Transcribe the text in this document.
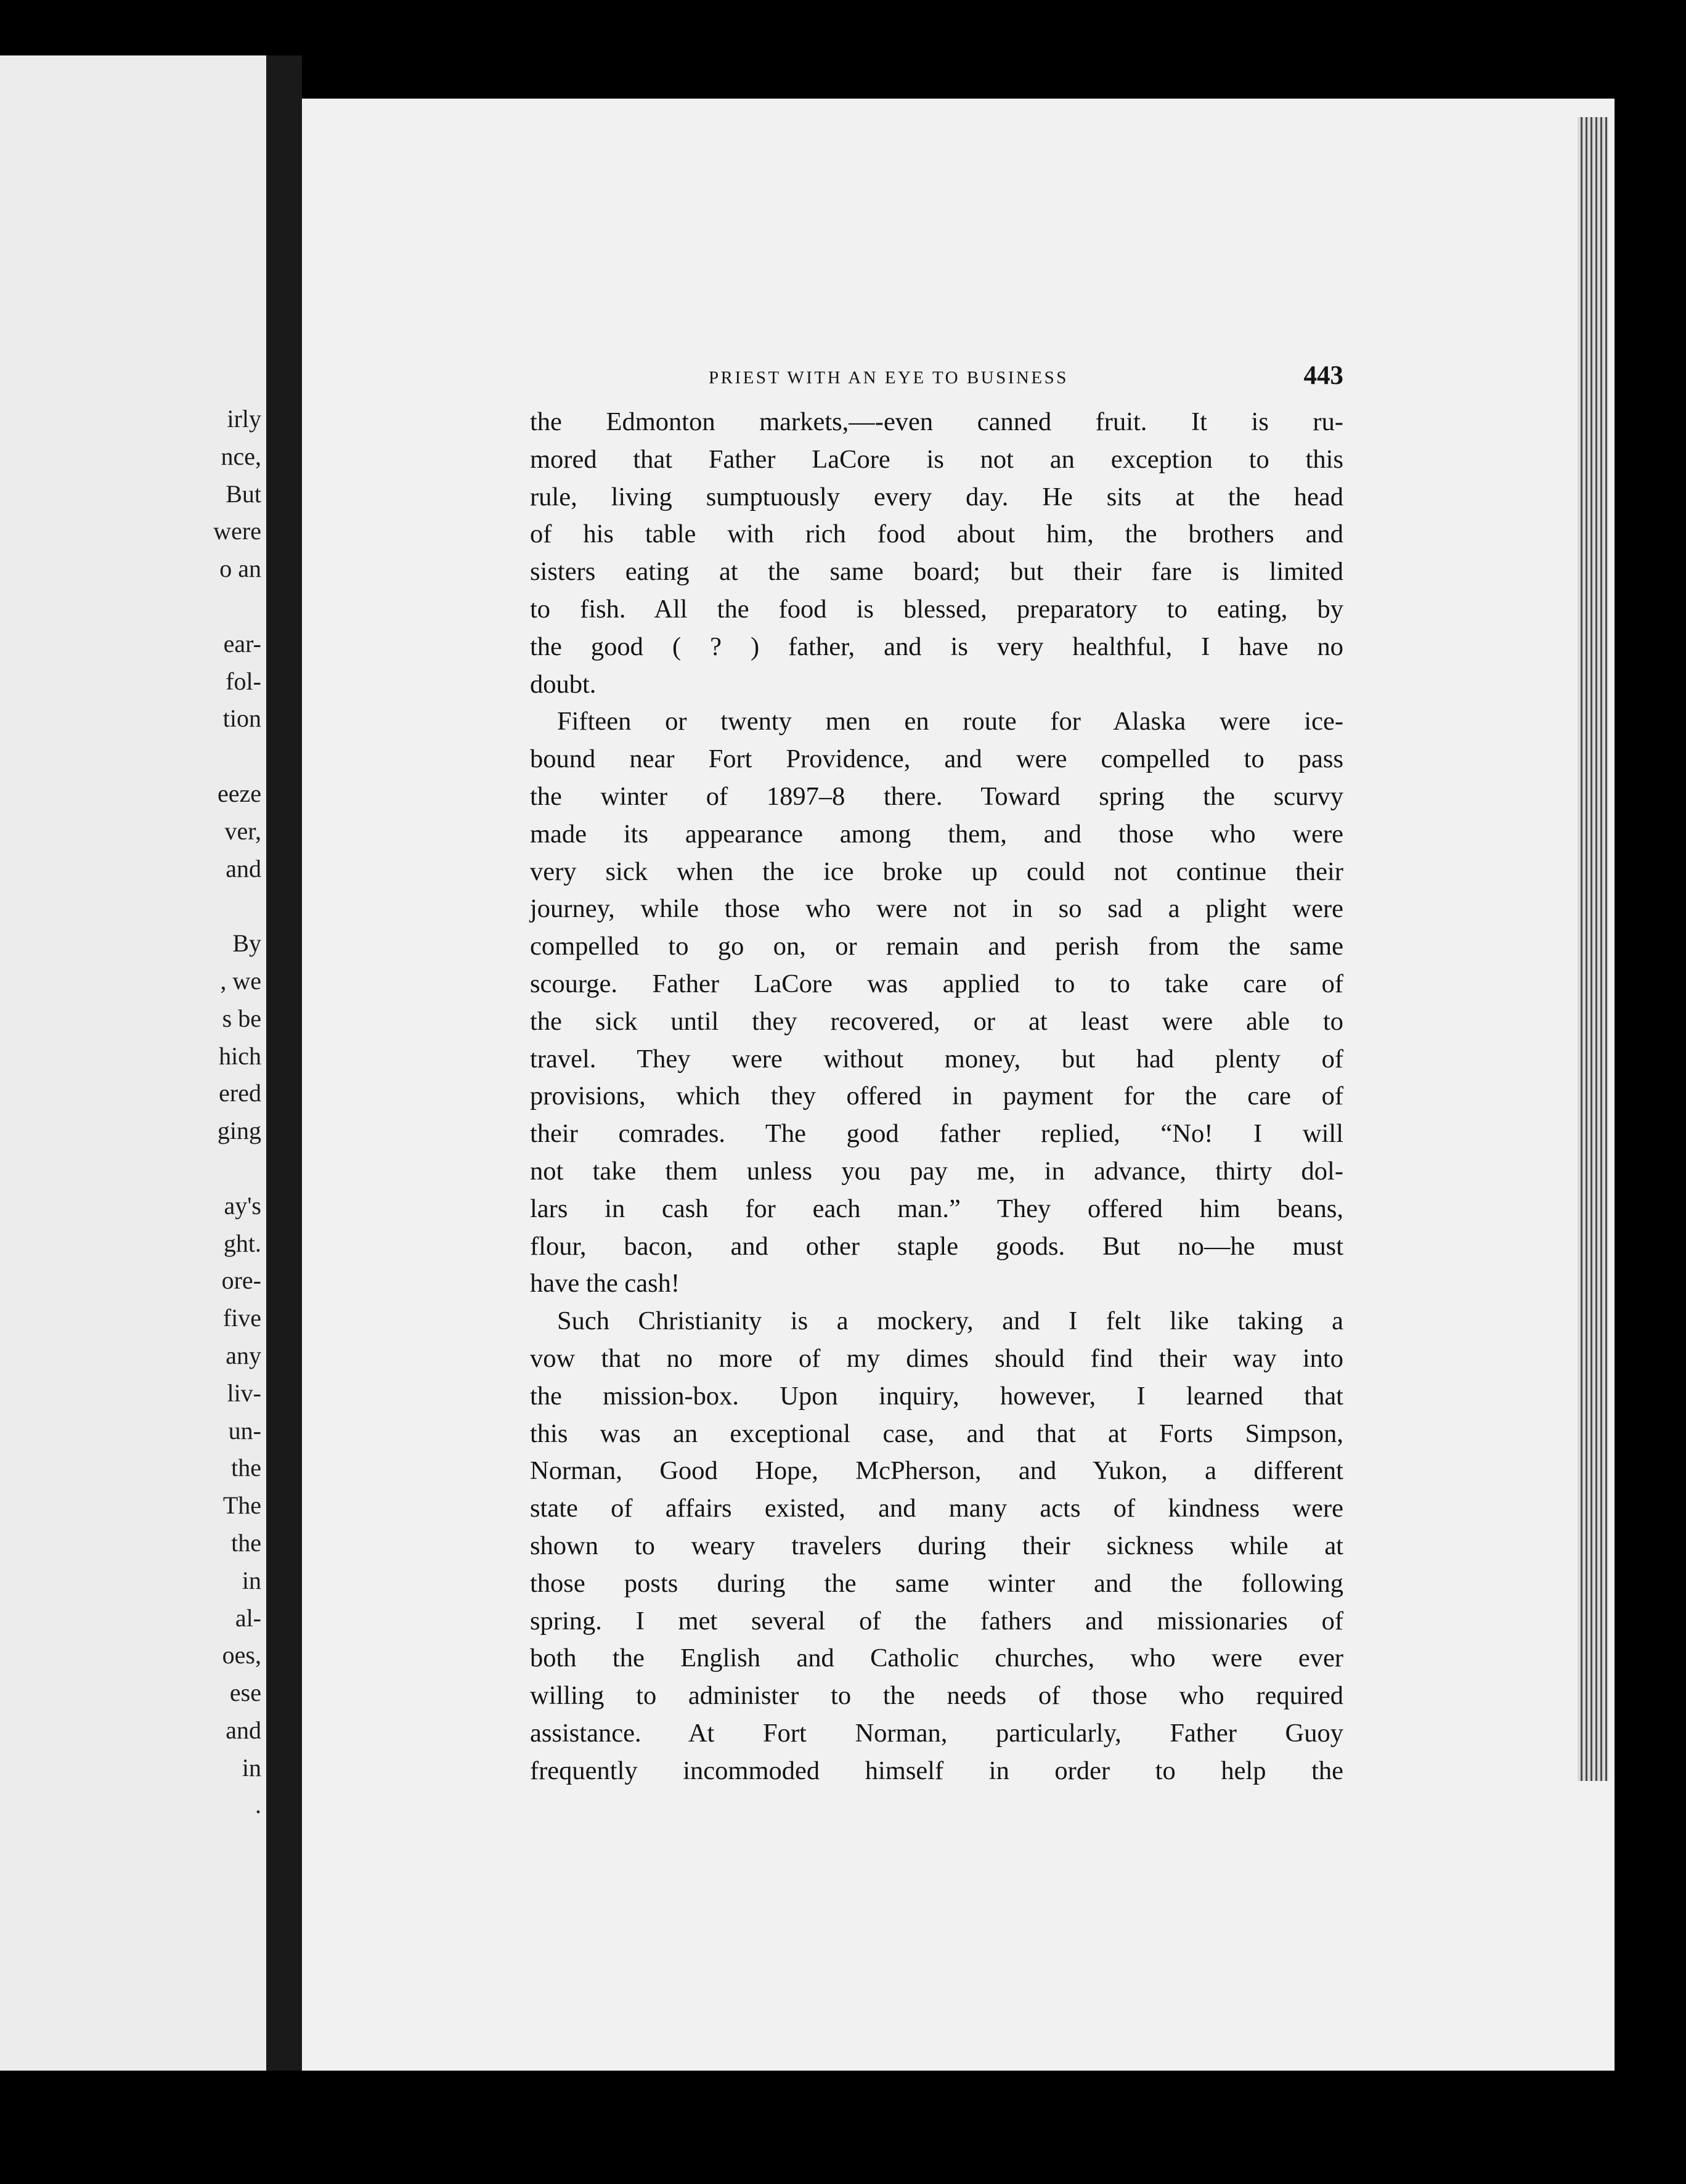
irly
nce,
But
were
o an
ear-
fol-
tion
eeze
ver,
and
By
, we
s be
hich
ered
ging
ay's
ght.
ore-
five
any
liv-
un-
the
The
the
in
al-
oes,
ese
and
in
.
PRIEST WITH AN EYE TO BUSINESS	443
the Edmonton markets,—-even canned fruit. It is ru-
mored that Father LaCore is not an exception to this
rule, living sumptuously every day. He sits at the head
of his table with rich food about him, the brothers and
sisters eating at the same board; but their fare is limited
to fish. All the food is blessed, preparatory to eating, by
the good ( ? ) father, and is very healthful, I have no
doubt.
Fifteen or twenty men en route for Alaska were ice-
bound near Fort Providence, and were compelled to pass
the winter of 1897–8 there. Toward spring the scurvy
made its appearance among them, and those who were
very sick when the ice broke up could not continue their
journey, while those who were not in so sad a plight were
compelled to go on, or remain and perish from the same
scourge. Father LaCore was applied to to take care of
the sick until they recovered, or at least were able to
travel. They were without money, but had plenty of
provisions, which they offered in payment for the care of
their comrades. The good father replied, “No! I will
not take them unless you pay me, in advance, thirty dol-
lars in cash for each man.” They offered him beans,
flour, bacon, and other staple goods. But no—he must
have the cash!
Such Christianity is a mockery, and I felt like taking a
vow that no more of my dimes should find their way into
the mission-box. Upon inquiry, however, I learned that
this was an exceptional case, and that at Forts Simpson,
Norman, Good Hope, McPherson, and Yukon, a different
state of affairs existed, and many acts of kindness were
shown to weary travelers during their sickness while at
those posts during the same winter and the following
spring. I met several of the fathers and missionaries of
both the English and Catholic churches, who were ever
willing to administer to the needs of those who required
assistance. At Fort Norman, particularly, Father Guoy
frequently incommoded himself in order to help the
